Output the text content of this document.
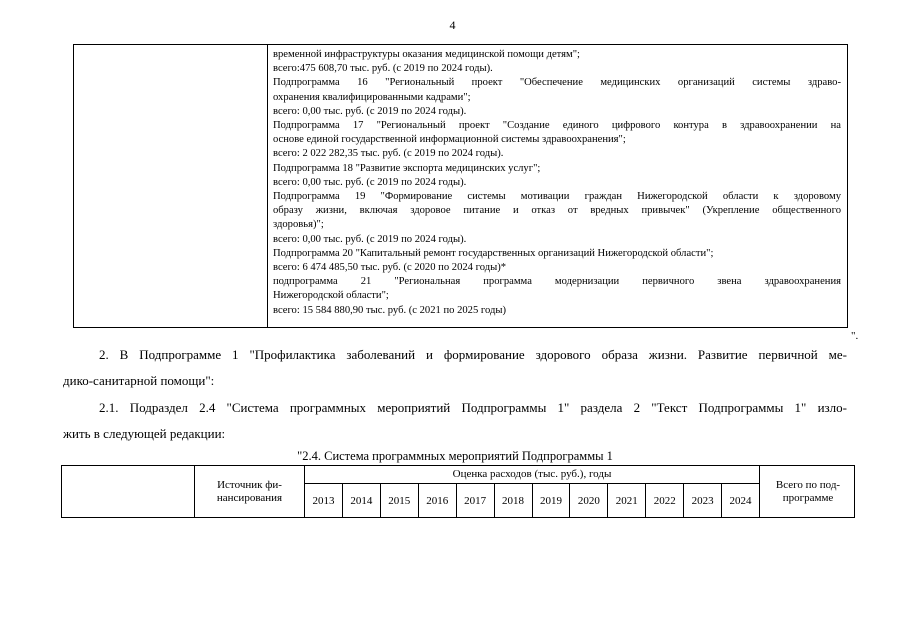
4
временной инфраструктуры оказания медицинской помощи детям";
всего:475 608,70 тыс. руб. (с 2019 по 2024 годы).
Подпрограмма 16 "Региональный проект "Обеспечение медицинских организаций системы здраво-
охранения квалифицированными кадрами";
всего: 0,00 тыс. руб. (с 2019 по 2024 годы).
Подпрограмма 17 "Региональный проект "Создание единого цифрового контура в здравоохранении на
основе единой государственной информационной системы здравоохранения";
всего: 2 022 282,35 тыс. руб. (с 2019 по 2024 годы).
Подпрограмма 18 "Развитие экспорта медицинских услуг";
всего: 0,00 тыс. руб. (с 2019 по 2024 годы).
Подпрограмма 19 "Формирование системы мотивации граждан Нижегородской области к здоровому
образу жизни, включая здоровое питание и отказ от вредных привычек" (Укрепление общественного
здоровья)";
всего: 0,00 тыс. руб. (с 2019 по 2024 годы).
Подпрограмма 20 "Капитальный ремонт государственных организаций Нижегородской области";
всего: 6 474 485,50 тыс. руб. (с 2020 по 2024 годы)*
подпрограмма 21 "Региональная программа модернизации первичного звена здравоохранения
Нижегородской области";
всего: 15 584 880,90 тыс. руб. (с 2021 по 2025 годы)
".
2. В Подпрограмме 1 "Профилактика заболеваний и формирование здорового образа жизни. Развитие первичной ме-
дико-санитарной помощи":
2.1. Подраздел 2.4 "Система программных мероприятий Подпрограммы 1" раздела 2 "Текст Подпрограммы 1" изло-
жить в следующей редакции:
"2.4. Система программных мероприятий Подпрограммы 1
Источник фи-
нансирования
Оценка расходов (тыс. руб.), годы
Всего по под-
программе
2013	2014	2015	2016	2017	2018	2019	2020	2021	2022	2023	2024
